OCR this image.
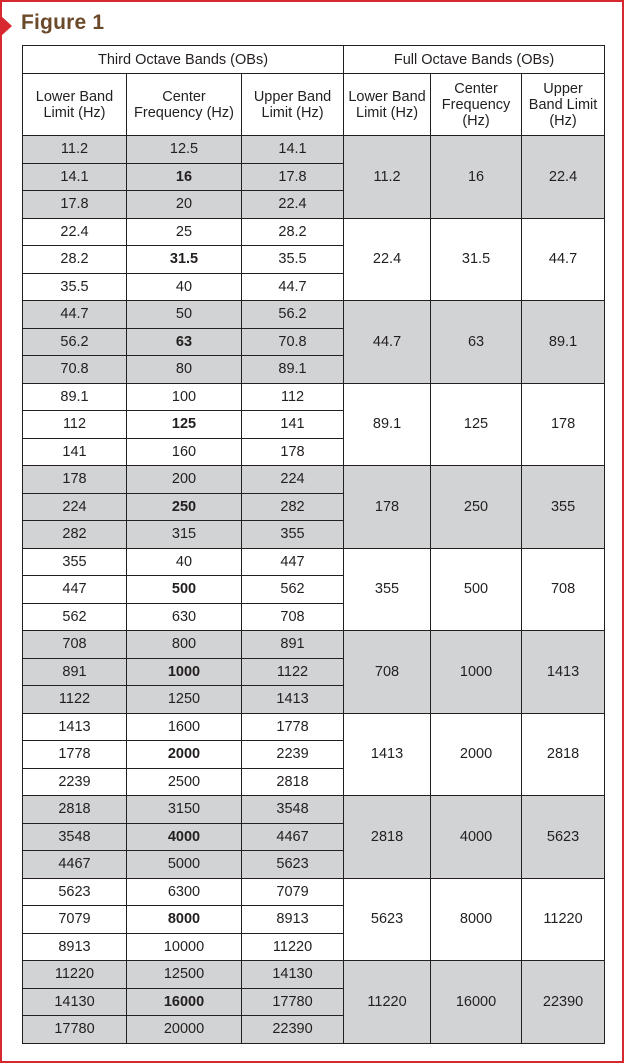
Figure 1
Third Octave Bands (OBs)			Full Octave Bands (OBs)		
Lower Band Limit (Hz)	Center Frequency (Hz)	Upper Band Limit (Hz)	Lower Band Limit (Hz)	Center Frequency (Hz)	Upper Band Limit (Hz)
11.2	12.5	14.1	11.2	16	22.4
14.1	16	17.8			
17.8	20	22.4			
22.4	25	28.2	22.4	31.5	44.7
28.2	31.5	35.5			
35.5	40	44.7			
44.7	50	56.2	44.7	63	89.1
56.2	63	70.8			
70.8	80	89.1			
89.1	100	112	89.1	125	178
112	125	141			
141	160	178			
178	200	224	178	250	355
224	250	282			
282	315	355			
355	40	447	355	500	708
447	500	562			
562	630	708			
708	800	891	708	1000	1413
891	1000	1122			
1122	1250	1413			
1413	1600	1778	1413	2000	2818
1778	2000	2239			
2239	2500	2818			
2818	3150	3548	2818	4000	5623
3548	4000	4467			
4467	5000	5623			
5623	6300	7079	5623	8000	11220
7079	8000	8913			
8913	10000	11220			
11220	12500	14130	11220	16000	22390
14130	16000	17780			
17780	20000	22390			
